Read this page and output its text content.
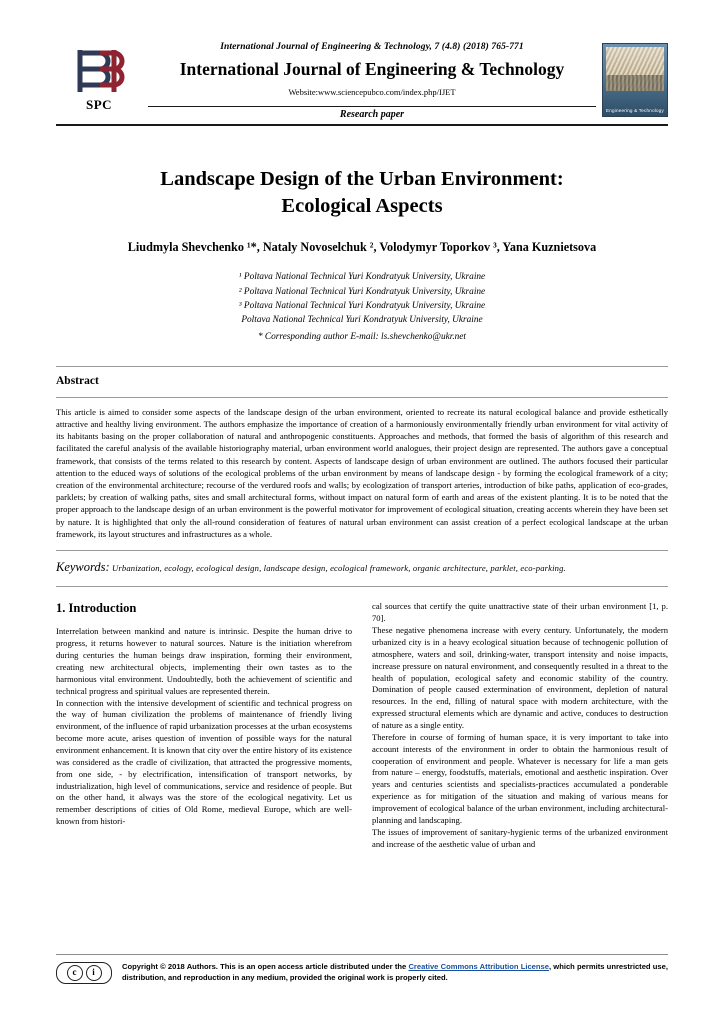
SPC
International Journal of Engineering & Technology, 7 (4.8) (2018) 765-771
International Journal of Engineering & Technology
Website:www.sciencepubco.com/index.php/IJET
Research paper	Engineering & Technology
Landscape Design of the Urban Environment:
Ecological Aspects
Liudmyla Shevchenko ¹*, Nataly Novoselchuk ², Volodymyr Toporkov ³, Yana Kuznietsova
¹ Poltava National Technical Yuri Kondratyuk University, Ukraine
² Poltava National Technical Yuri Kondratyuk University, Ukraine
³ Poltava National Technical Yuri Kondratyuk University, Ukraine
Poltava National Technical Yuri Kondratyuk University, Ukraine
* Corresponding author E-mail: ls.shevchenko@ukr.net
Abstract
This article is aimed to consider some aspects of the landscape design of the urban environment, oriented to recreate its natural ecological balance and provide esthetically attractive and healthy living environment. The authors emphasize the importance of creation of a harmoniously environmentally friendly urban environment for vital activity of its habitants basing on the proper collaboration of natural and anthropogenic constituents. Approaches and methods, that formed the basis of algorithm of this research and facilitated the careful analysis of the available historiography material, urban environment world analogues, their project design are represented. The authors gave a conceptual framework, that consists of the terms related to this research by content. Aspects of landscape design of urban environment are outlined. The authors focused their particular attention to the educed ways of solutions of the ecological problems of the urban environment by means of landscape design - by forming the ecological framework of a city; creation of the environmental architecture; recourse of the verdured roofs and walls; by ecologization of transport arteries, introduction of bike paths, application of eco-grades, parklets; by creation of walking paths, sites and small architectural forms, without impact on natural form of earth and areas of the existent planting. It is to be noted that the proper approach to the landscape design of an urban environment is the powerful motivator for improvement of ecological situation, creating accents wherein they have been set by nature. It is highlighted that only the all-round consideration of features of natural urban environment can assist creation of a perfect ecological landscape at the urban framework, its layout structures and infrastructures as a whole.
Keywords: Urbanization, ecology, ecological design, landscape design, ecological framework, organic architecture, parklet, eco-parking.
1. Introduction

Interrelation between mankind and nature is intrinsic. Despite the human drive to progress, it returns however to natural sources. Nature is the initiation wherefrom during centuries the human beings draw inspiration, forming their environment, creating new architectural objects, implementing their own tastes as to the harmonious vital environment. Undoubtedly, both the achievement of scientific and technical progress and spiritual values are represented therein.

In connection with the intensive development of scientific and technical progress on the way of human civilization the problems of maintenance of friendly living environment, of the influence of rapid urbanization processes at the urban ecosystems become more acute, arises question of invention of possible ways for the natural environment enhancement. It is known that city over the entire history of its existence was considered as the cradle of civilization, that attracted the progressive moments, from one side, - by electrification, intensification of transport networks, by industrialization, high level of communications, service and residence of people. But on the other hand, it always was the store of the ecological negativity. Let us remember descriptions of cities of Old Rome, medieval Europe, which are well-known from histori-

cal sources that certify the quite unattractive state of their urban environment [1, p. 70].

These negative phenomena increase with every century. Unfortunately, the modern urbanized city is in a heavy ecological situation because of technogenic pollution of atmosphere, waters and soil, drinking-water, transport intensity and noise impacts, increase pressure on natural environment, and consequently resulted in a threat to the health of population, ecological safety and economic stability of the country. Domination of people caused extermination of environment, depletion of natural resources. In the end, filling of natural space with modern architecture, with the expressed structural elements which are dynamic and active, conduces to destruction of nature as a single entity.

Therefore in course of forming of human space, it is very important to take into account interests of the environment in order to obtain the harmonious result of cooperation of environment and people. Whatever is necessary for life a man gets from nature – energy, foodstuffs, materials, emotional and aesthetic inspiration. Over years and centuries scientists and specialists-practices accumulated a ponderable experience as for mitigation of the situation and making of various means for improvement of ecological balance of the urban environment, including architectural-planning and landscaping.

The issues of improvement of sanitary-hygienic terms of the urbanized environment and increase of the aesthetic value of urban and

c	i
Copyright © 2018 Authors. This is an open access article distributed under the Creative Commons Attribution License, which permits unrestricted use, distribution, and reproduction in any medium, provided the original work is properly cited.
